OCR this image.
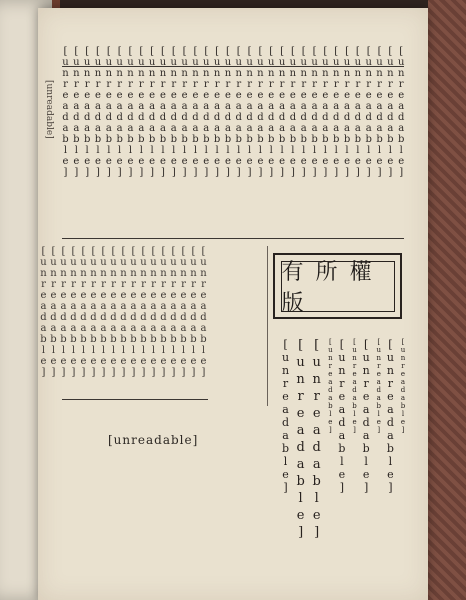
[unreadable]	[unreadable]
[unreadable]
[unreadable]
[unreadable]
[unreadable]
[unreadable]
[unreadable]
[unreadable]
[unreadable]
[unreadable]
[unreadable]
[unreadable]
[unreadable]
[unreadable]
[unreadable]
[unreadable]
[unreadable]
[unreadable]
[unreadable]
[unreadable]
[unreadable]
[unreadable]
[unreadable]
[unreadable]
[unreadable]
[unreadable]
[unreadable]
[unreadable]
[unreadable]
[unreadable]
[unreadable]
[unreadable]
[unreadable]
[unreadable]
[unreadable]
[unreadable]
[unreadable]
[unreadable]
[unreadable]
[unreadable]
[unreadable]
[unreadable]
[unreadable]
[unreadable]
[unreadable]
[unreadable]
[unreadable]
[unreadable]
[unreadable]	有所權版
[unreadable]
[unreadable]
[unreadable]
[unreadable]
[unreadable]
[unreadable]
[unreadable]
[unreadable]
[unreadable]
[unreadable]
[unreadable]
